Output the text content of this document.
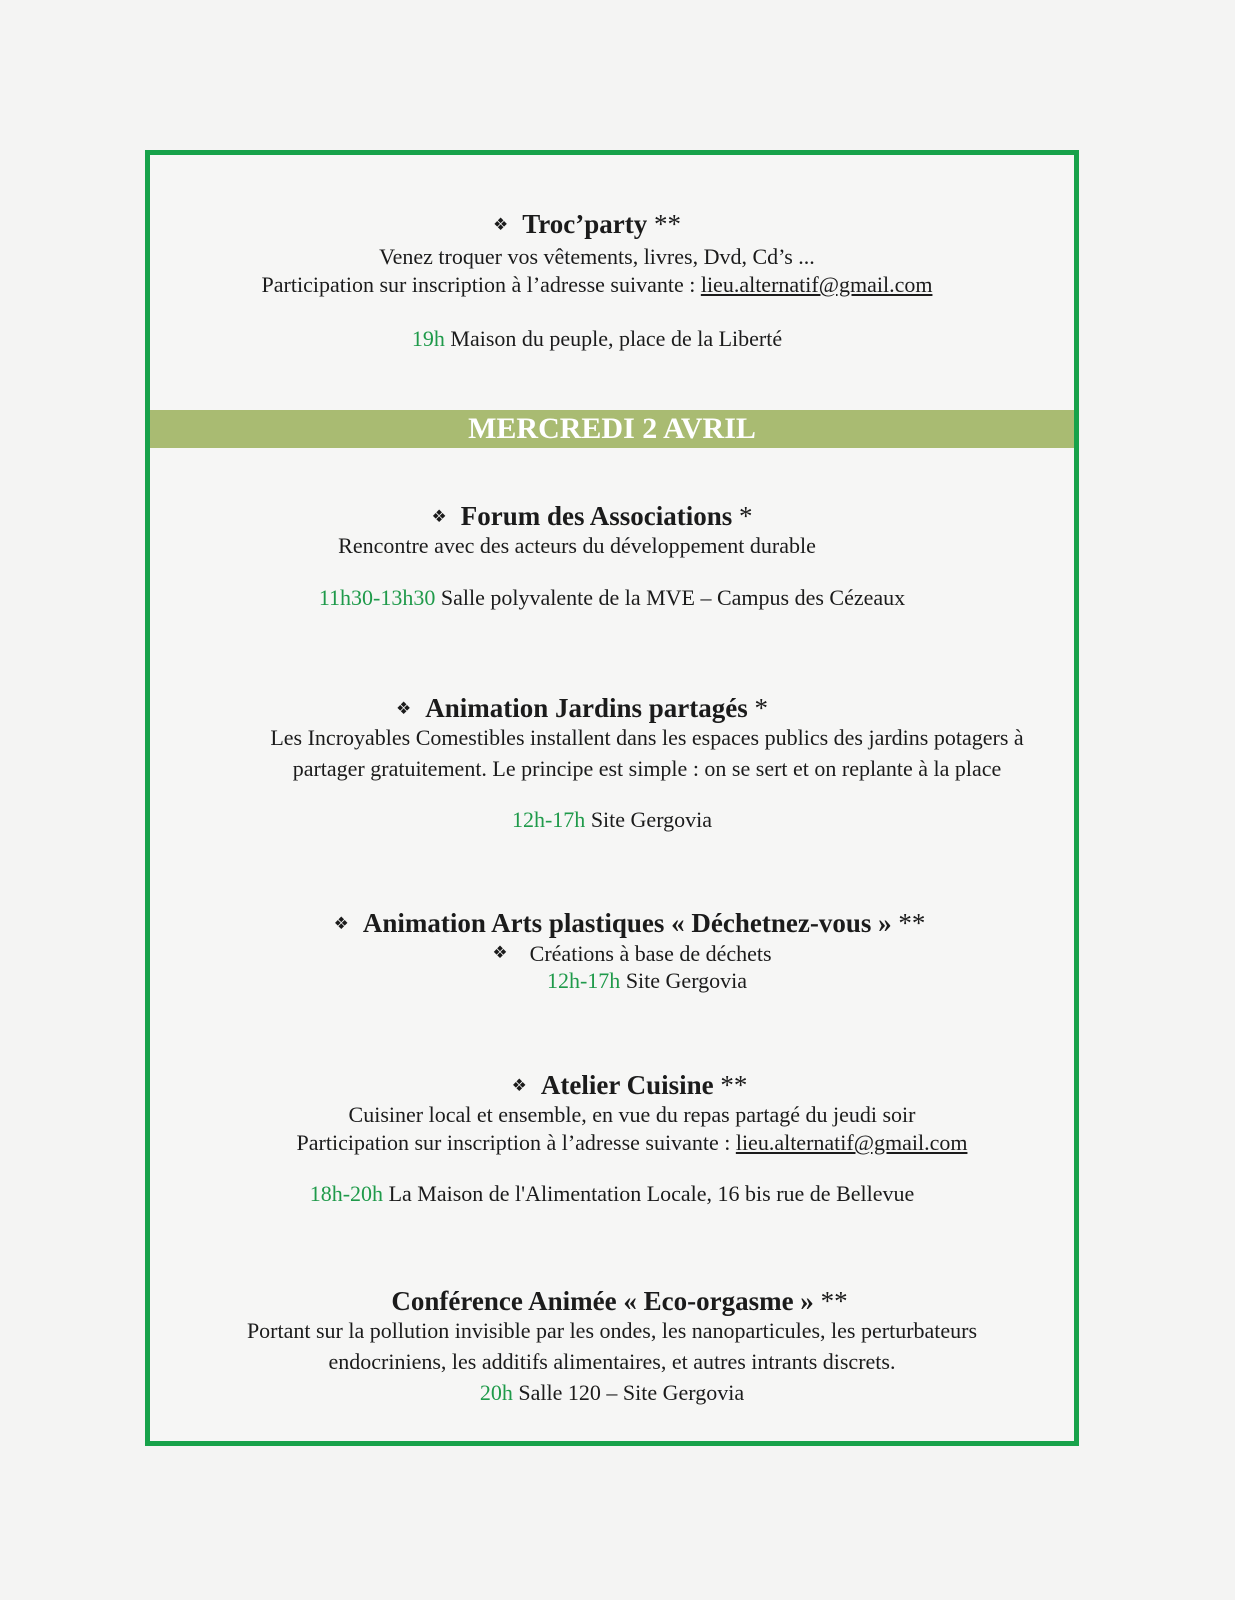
❖ Troc’party **
Venez troquer vos vêtements, livres, Dvd, Cd’s ...
Participation sur inscription à l’adresse suivante : lieu.alternatif@gmail.com
19h Maison du peuple, place de la Liberté
MERCREDI 2 AVRIL
❖ Forum des Associations *
Rencontre avec des acteurs du développement durable
11h30-13h30 Salle polyvalente de la MVE – Campus des Cézeaux
❖ Animation Jardins partagés *
Les Incroyables Comestibles installent dans les espaces publics des jardins potagers à
partager gratuitement. Le principe est simple : on se sert et on replante à la place
12h-17h Site Gergovia
❖ Animation Arts plastiques « Déchetnez-vous » **
❖ Créations à base de déchets
12h-17h Site Gergovia
❖ Atelier Cuisine **
Cuisiner local et ensemble, en vue du repas partagé du jeudi soir
Participation sur inscription à l’adresse suivante : lieu.alternatif@gmail.com
18h-20h La Maison de l'Alimentation Locale, 16 bis rue de Bellevue
Conférence Animée « Eco-orgasme » **
Portant sur la pollution invisible par les ondes, les nanoparticules, les perturbateurs
endocriniens, les additifs alimentaires, et autres intrants discrets.
20h Salle 120 – Site Gergovia
